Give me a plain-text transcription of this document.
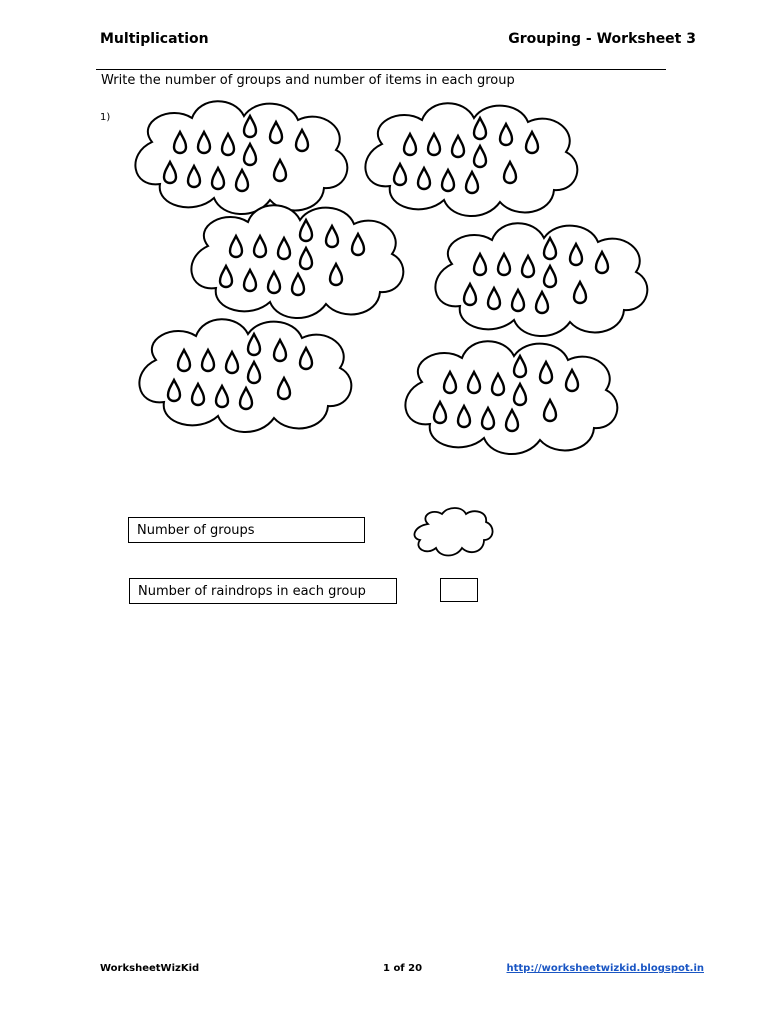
Multiplication	Grouping - Worksheet 3
Write the number of groups and number of items in each group
1)
Number of groups
Number of raindrops in each group
WorksheetWizKid	1 of 20	http://worksheetwizkid.blogspot.in
